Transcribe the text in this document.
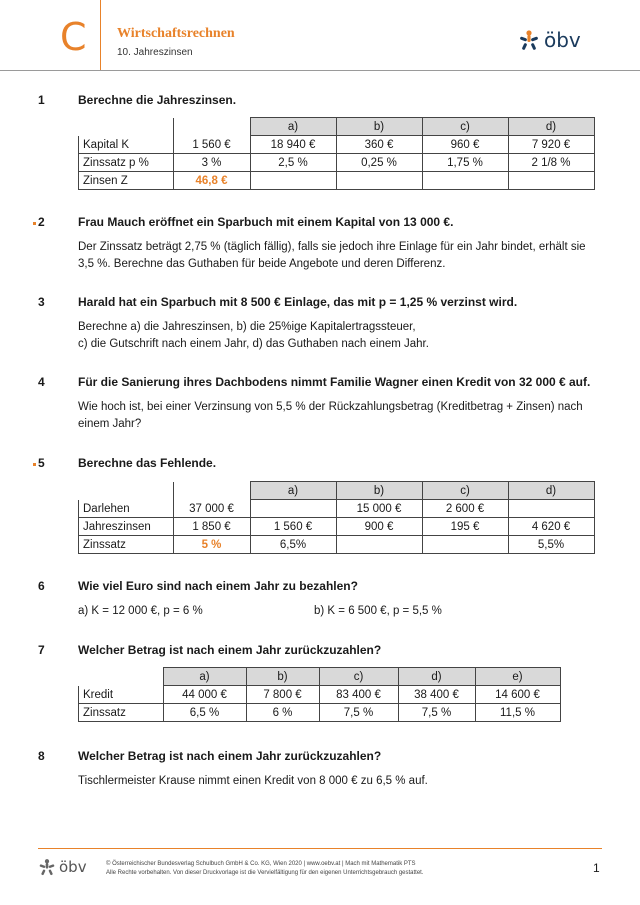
C Wirtschaftsrechnen
10. Jahreszinsen
öbv
1	Berechne die Jahreszinsen.
		a)	b)	c)	d)
Kapital K	1 560 €	18 940 €	360 €	960 €	7 920 €
Zinssatz p %	3 %	2,5 %	0,25 %	1,75 %	2 1/8 %
Zinsen Z	46,8 €				
2	Frau Mauch eröffnet ein Sparbuch mit einem Kapital von 13 000 €.
Der Zinssatz beträgt 2,75 % (täglich fällig), falls sie jedoch ihre Einlage für ein Jahr bindet, erhält sie 3,5 %. Berechne das Guthaben für beide Angebote und deren Differenz.
3	Harald hat ein Sparbuch mit 8 500 € Einlage, das mit p = 1,25 % verzinst wird.
Berechne a) die Jahreszinsen, b) die 25%ige Kapitalertragssteuer,
c) die Gutschrift nach einem Jahr, d) das Guthaben nach einem Jahr.
4	Für die Sanierung ihres Dachbodens nimmt Familie Wagner einen Kredit von 32 000 € auf.
Wie hoch ist, bei einer Verzinsung von 5,5 % der Rückzahlungsbetrag (Kreditbetrag + Zinsen) nach einem Jahr?
5	Berechne das Fehlende.
		a)	b)	c)	d)
Darlehen	37 000 €		15 000 €	2 600 €	
Jahreszinsen	1 850 €	1 560 €	900 €	195 €	4 620 €
Zinssatz	5 %	6,5%			5,5%
6	Wie viel Euro sind nach einem Jahr zu bezahlen?
a) K = 12 000 €, p = 6 %	b) K = 6 500 €, p = 5,5 %
7	Welcher Betrag ist nach einem Jahr zurückzuzahlen?
	a)	b)	c)	d)	e)
Kredit	44 000 €	7 800 €	83 400 €	38 400 €	14 600 €
Zinssatz	6,5 %	6 %	7,5 %	7,5 %	11,5 %
8	Welcher Betrag ist nach einem Jahr zurückzuzahlen?
Tischlermeister Krause nimmt einen Kredit von 8 000 € zu 6,5 % auf.
öbv	© Österreichischer Bundesverlag Schulbuch GmbH & Co. KG, Wien 2020 | www.oebv.at | Mach mit Mathematik PTS
Alle Rechte vorbehalten. Von dieser Druckvorlage ist die Vervielfältigung für den eigenen Unterrichtsgebrauch gestattet.	1
